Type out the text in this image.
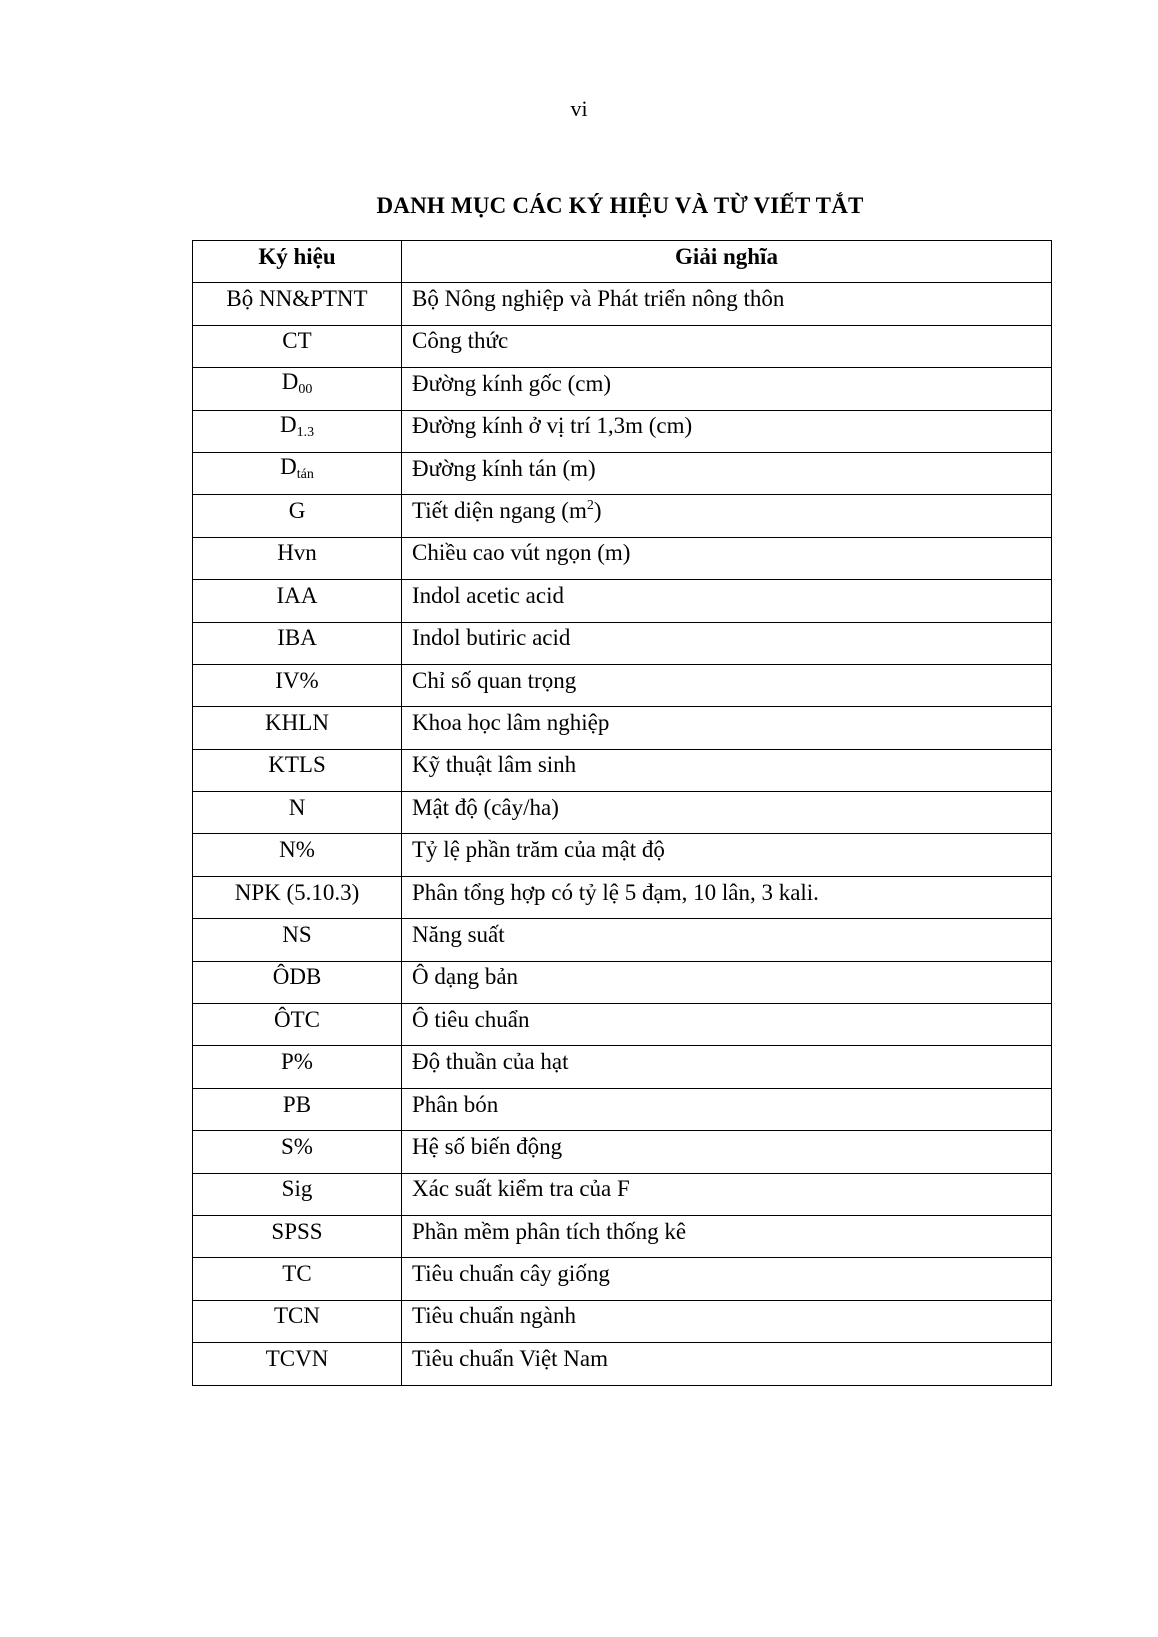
vi
DANH MỤC CÁC KÝ HIỆU VÀ TỪ VIẾT TẮT
Ký hiệu	Giải nghĩa
Bộ NN&PTNT	Bộ Nông nghiệp và Phát triển nông thôn
CT	Công thức
$D_{00}$	Đường kính gốc (cm)
$D_{1.3}$	Đường kính ở vị trí 1,3m (cm)
$D_{tán}$	Đường kính tán (m)
G	Tiết diện ngang $(m^2)$
Hvn	Chiều cao vút ngọn (m)
IAA	Indol acetic acid
IBA	Indol butiric acid
IV%	Chỉ số quan trọng
KHLN	Khoa học lâm nghiệp
KTLS	Kỹ thuật lâm sinh
N	Mật độ (cây/ha)
N%	Tỷ lệ phần trăm của mật độ
NPK (5.10.3)	Phân tổng hợp có tỷ lệ 5 đạm, 10 lân, 3 kali.
NS	Năng suất
ÔDB	Ô dạng bản
ÔTC	Ô tiêu chuẩn
P%	Độ thuần của hạt
PB	Phân bón
S%	Hệ số biến động
Sig	Xác suất kiểm tra của F
SPSS	Phần mềm phân tích thống kê
TC	Tiêu chuẩn cây giống
TCN	Tiêu chuẩn ngành
TCVN	Tiêu chuẩn Việt Nam
